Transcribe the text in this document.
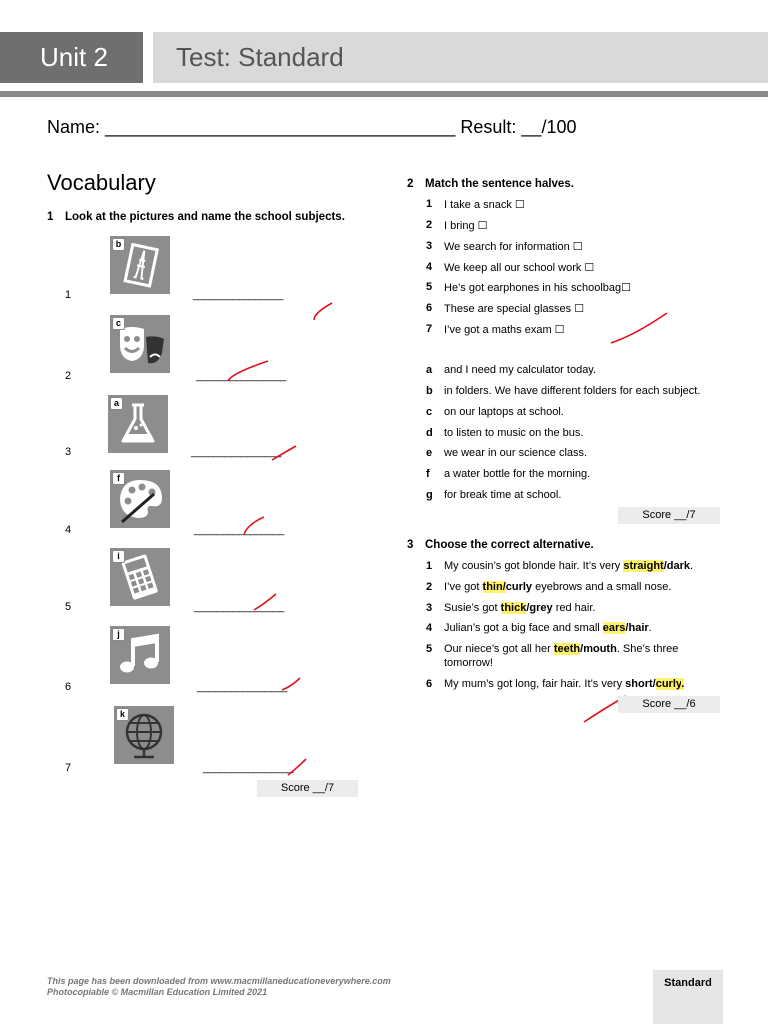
Unit 2	Test: Standard
Name: ___________________________________ Result: __/100
Vocabulary
1 Look at the pictures and name the school subjects.
b
1	________________
c
2	________________
a
3	________________
f
4	________________
i
5	________________
j
6	________________
k
7	________________
Score __/7
2 Match the sentence halves.
1 I take a snack ☐
2 I bring ☐
3 We search for information ☐
4 We keep all our school work ☐
5 He’s got earphones in his schoolbag☐
6 These are special glasses ☐
7 I’ve got a maths exam ☐
a and I need my calculator today.
b in folders. We have different folders for each subject.
c on our laptops at school.
d to listen to music on the bus.
e we wear in our science class.
f a water bottle for the morning.
g for break time at school.
Score __/7
3 Choose the correct alternative.
1 My cousin’s got blonde hair. It’s very straight/dark.
2 I’ve got thin/curly eyebrows and a small nose.
3 Susie’s got thick/grey red hair.
4 Julian’s got a big face and small ears/hair.
5 Our niece’s got all her teeth/mouth. She’s three
tomorrow!
6 My mum’s got long, fair hair. It’s very short/curly.
Score __/6
This page has been downloaded from www.macmillaneducationeverywhere.com
Photocopiable © Macmillan Education Limited 2021
Standard
